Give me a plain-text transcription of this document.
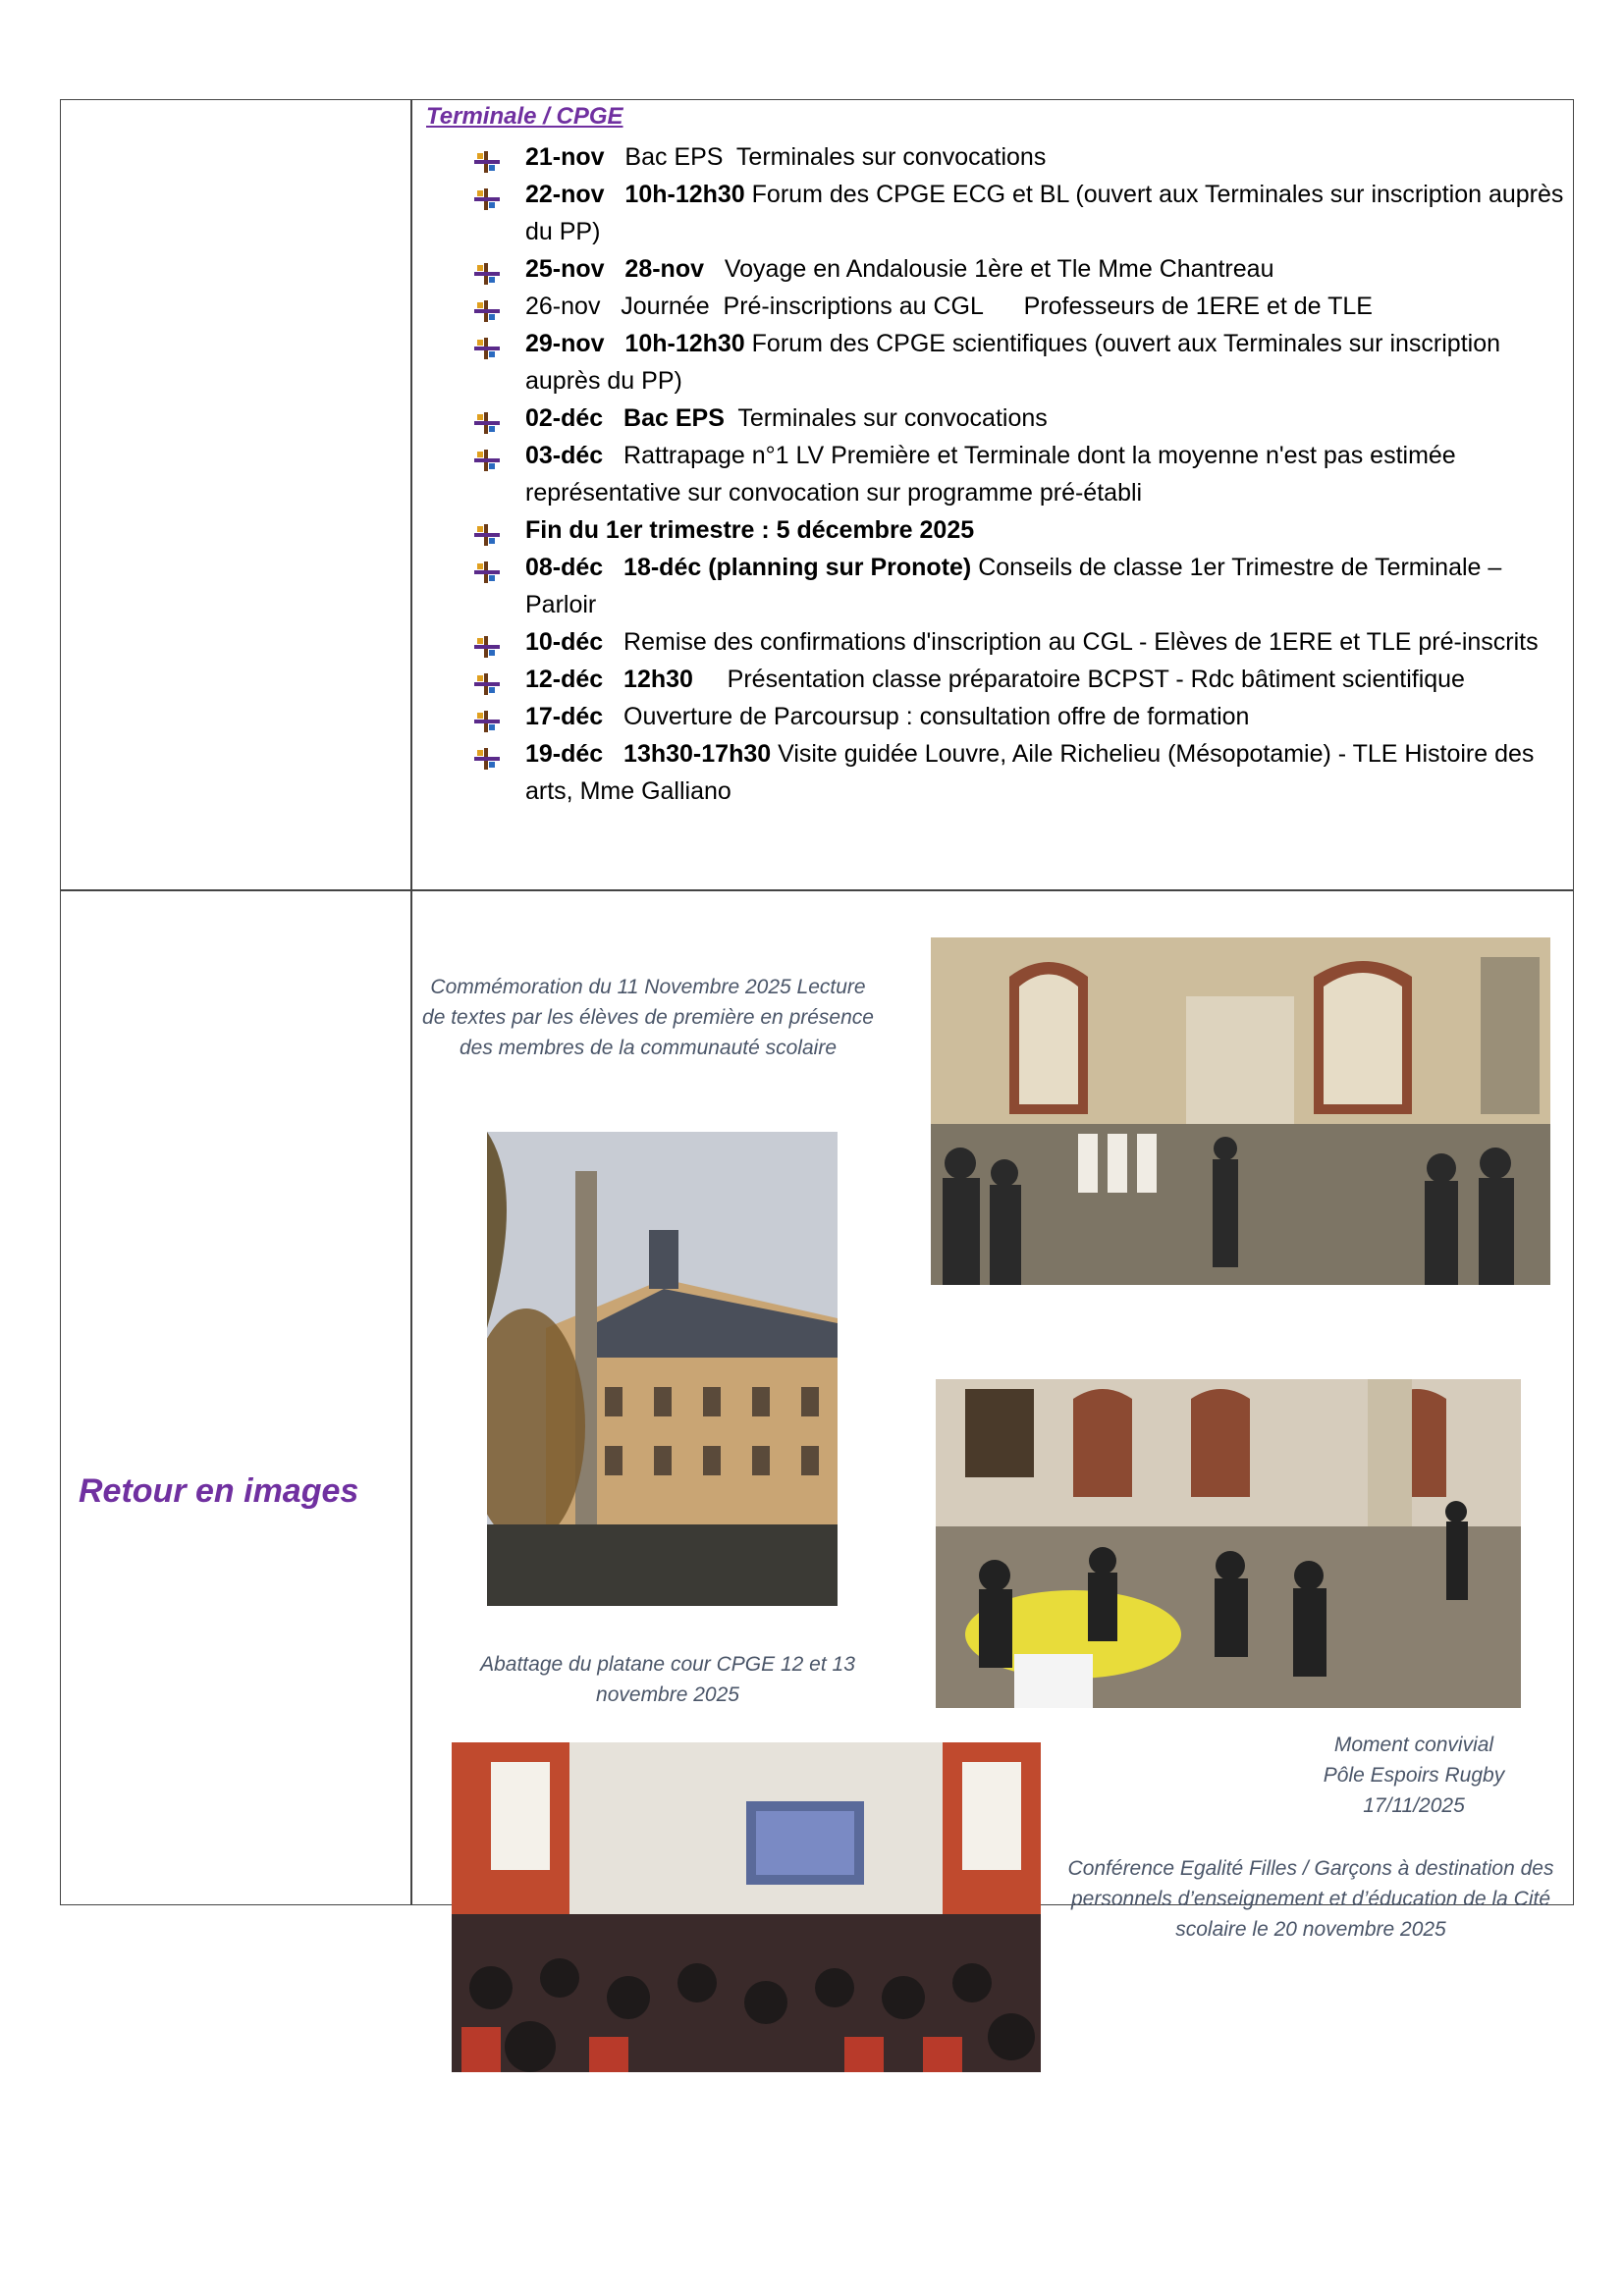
Terminale / CPGE
21-nov   Bac EPS  Terminales sur convocations
22-nov   10h-12h30 Forum des CPGE ECG et BL (ouvert aux Terminales sur inscription auprès du PP)
25-nov   28-nov   Voyage en Andalousie 1ère et Tle Mme Chantreau
26-nov   Journée  Pré-inscriptions au CGL      Professeurs de 1ERE et de TLE
29-nov   10h-12h30 Forum des CPGE scientifiques (ouvert aux Terminales sur inscription auprès du PP)
02-déc   Bac EPS  Terminales sur convocations
03-déc   Rattrapage n°1 LV Première et Terminale dont la moyenne n'est pas estimée représentative sur convocation sur programme pré-établi
Fin du 1er trimestre : 5 décembre 2025
08-déc   18-déc (planning sur Pronote) Conseils de classe 1er Trimestre de Terminale – Parloir
10-déc   Remise des confirmations d'inscription au CGL - Elèves de 1ERE et TLE pré-inscrits
12-déc   12h30     Présentation classe préparatoire BCPST - Rdc bâtiment scientifique
17-déc   Ouverture de Parcoursup : consultation offre de formation
19-déc   13h30-17h30 Visite guidée Louvre, Aile Richelieu (Mésopotamie) - TLE Histoire des arts, Mme Galliano
Retour en images
Commémoration du 11 Novembre 2025 Lecture de textes par les élèves de première en présence des membres de la communauté scolaire
Abattage du platane cour CPGE 12 et 13 novembre 2025
Moment convivial
Pôle Espoirs Rugby
17/11/2025
Conférence Egalité Filles / Garçons à destination des personnels d’enseignement et d’éducation de la Cité scolaire le 20 novembre 2025
